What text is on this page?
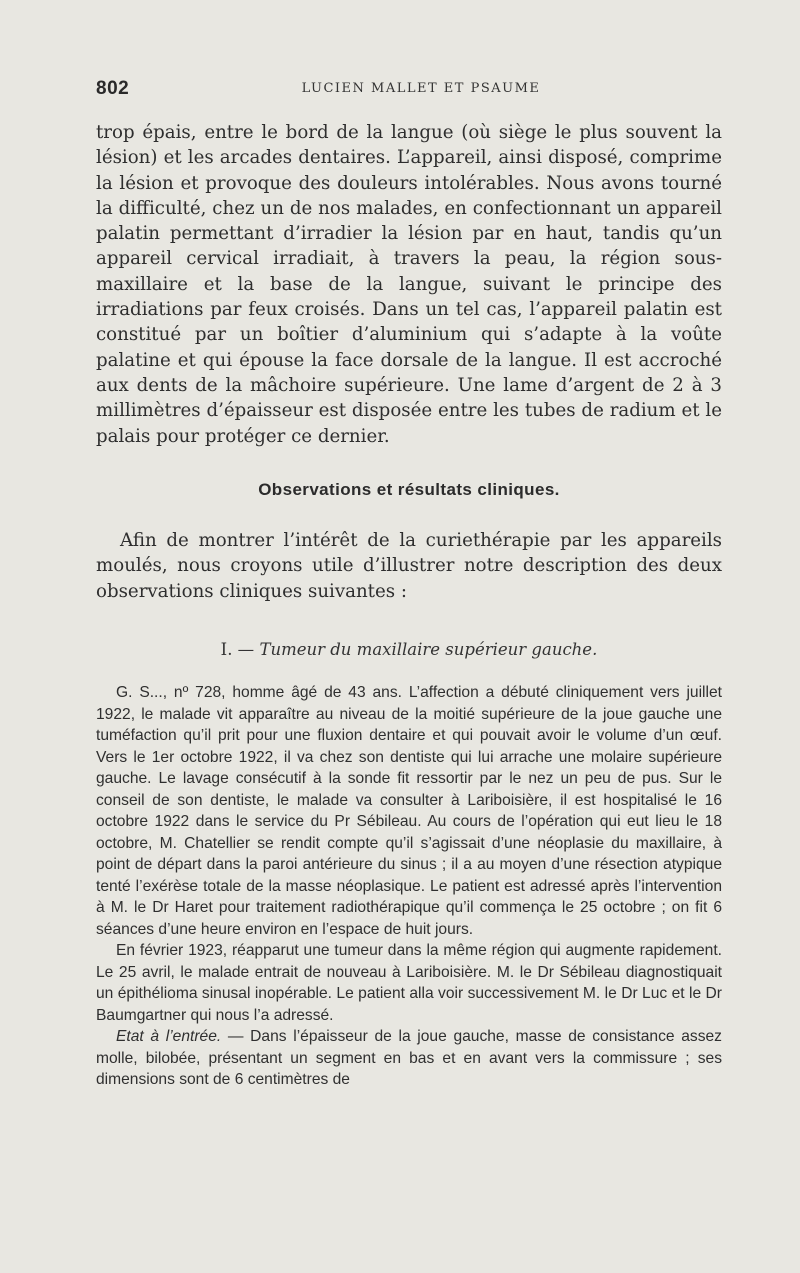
802	LUCIEN MALLET ET PSAUME

trop épais, entre le bord de la langue (où siège le plus souvent la lésion) et les arcades dentaires. L’appareil, ainsi disposé, comprime la lésion et provoque des douleurs intolérables. Nous avons tourné la difficulté, chez un de nos malades, en confectionnant un appareil palatin permettant d’irradier la lésion par en haut, tandis qu’un appareil cervical irradiait, à travers la peau, la région sous-maxillaire et la base de la langue, suivant le principe des irradiations par feux croisés. Dans un tel cas, l’appareil palatin est constitué par un boîtier d’aluminium qui s’adapte à la voûte palatine et qui épouse la face dorsale de la langue. Il est accroché aux dents de la mâchoire supérieure. Une lame d’argent de 2 à 3 millimètres d’épaisseur est disposée entre les tubes de radium et le palais pour protéger ce dernier.

Observations et résultats cliniques.

Afin de montrer l’intérêt de la curiethérapie par les appareils moulés, nous croyons utile d’illustrer notre description des deux observations cliniques suivantes :

I. — Tumeur du maxillaire supérieur gauche.

G. S..., nº 728, homme âgé de 43 ans. L’affection a débuté cliniquement vers juillet 1922, le malade vit apparaître au niveau de la moitié supérieure de la joue gauche une tuméfaction qu’il prit pour une fluxion dentaire et qui pouvait avoir le volume d’un œuf. Vers le 1er octobre 1922, il va chez son dentiste qui lui arrache une molaire supérieure gauche. Le lavage consécutif à la sonde fit ressortir par le nez un peu de pus. Sur le conseil de son dentiste, le malade va consulter à Lariboisière, il est hospitalisé le 16 octobre 1922 dans le service du Pr Sébileau. Au cours de l’opération qui eut lieu le 18 octobre, M. Chatellier se rendit compte qu’il s’agissait d’une néoplasie du maxillaire, à point de départ dans la paroi antérieure du sinus ; il a au moyen d’une résection atypique tenté l’exérèse totale de la masse néoplasique. Le patient est adressé après l’intervention à M. le Dr Haret pour traitement radiothérapique qu’il commença le 25 octobre ; on fit 6 séances d’une heure environ en l’espace de huit jours.

En février 1923, réapparut une tumeur dans la même région qui augmente rapidement. Le 25 avril, le malade entrait de nouveau à Lariboisière. M. le Dr Sébileau diagnostiquait un épithélioma sinusal inopérable. Le patient alla voir successivement M. le Dr Luc et le Dr Baumgartner qui nous l’a adressé.

Etat à l’entrée. — Dans l’épaisseur de la joue gauche, masse de consistance assez molle, bilobée, présentant un segment en bas et en avant vers la commissure ; ses dimensions sont de 6 centimètres de
